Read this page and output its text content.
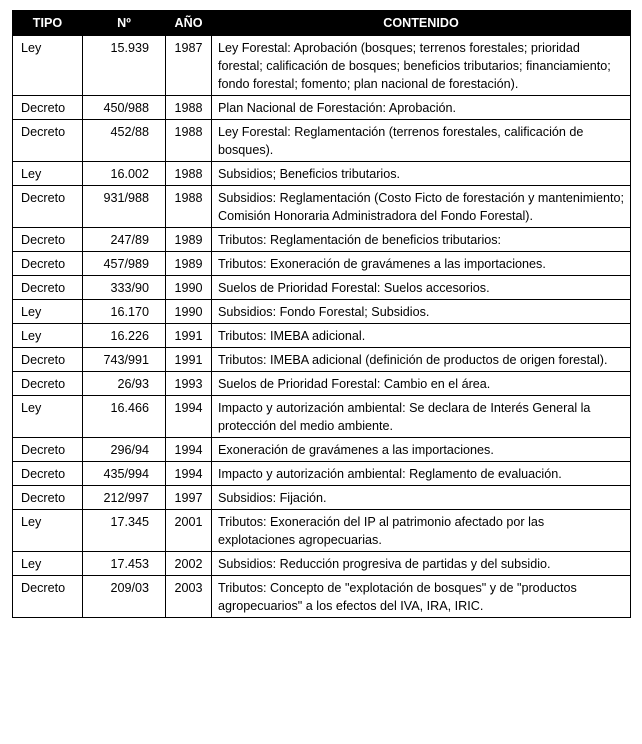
TIPO	Nº	AÑO	CONTENIDO
Ley	15.939	1987	Ley Forestal: Aprobación (bosques; terrenos forestales; prioridad forestal; calificación de bosques; beneficios tributarios; financiamiento; fondo forestal; fomento; plan nacional de forestación).
Decreto	450/988	1988	Plan Nacional de Forestación: Aprobación.
Decreto	452/88	1988	Ley Forestal: Reglamentación (terrenos forestales, calificación de bosques).
Ley	16.002	1988	Subsidios; Beneficios tributarios.
Decreto	931/988	1988	Subsidios: Reglamentación (Costo Ficto de forestación y mantenimiento; Comisión Honoraria Administradora del Fondo Forestal).
Decreto	247/89	1989	Tributos: Reglamentación de beneficios tributarios:
Decreto	457/989	1989	Tributos: Exoneración de gravámenes a las importaciones.
Decreto	333/90	1990	Suelos de Prioridad Forestal: Suelos accesorios.
Ley	16.170	1990	Subsidios: Fondo Forestal; Subsidios.
Ley	16.226	1991	Tributos: IMEBA adicional.
Decreto	743/991	1991	Tributos: IMEBA adicional (definición de productos de origen forestal).
Decreto	26/93	1993	Suelos de Prioridad Forestal: Cambio en el área.
Ley	16.466	1994	Impacto y autorización ambiental: Se declara de Interés General la protección del medio ambiente.
Decreto	296/94	1994	Exoneración de gravámenes a las importaciones.
Decreto	435/994	1994	Impacto y autorización ambiental: Reglamento de evaluación.
Decreto	212/997	1997	Subsidios: Fijación.
Ley	17.345	2001	Tributos: Exoneración del IP al patrimonio afectado por las explotaciones agropecuarias.
Ley	17.453	2002	Subsidios: Reducción progresiva de partidas y del subsidio.
Decreto	209/03	2003	Tributos: Concepto de "explotación de bosques" y de "productos agropecuarios" a los efectos del IVA, IRA, IRIC.
